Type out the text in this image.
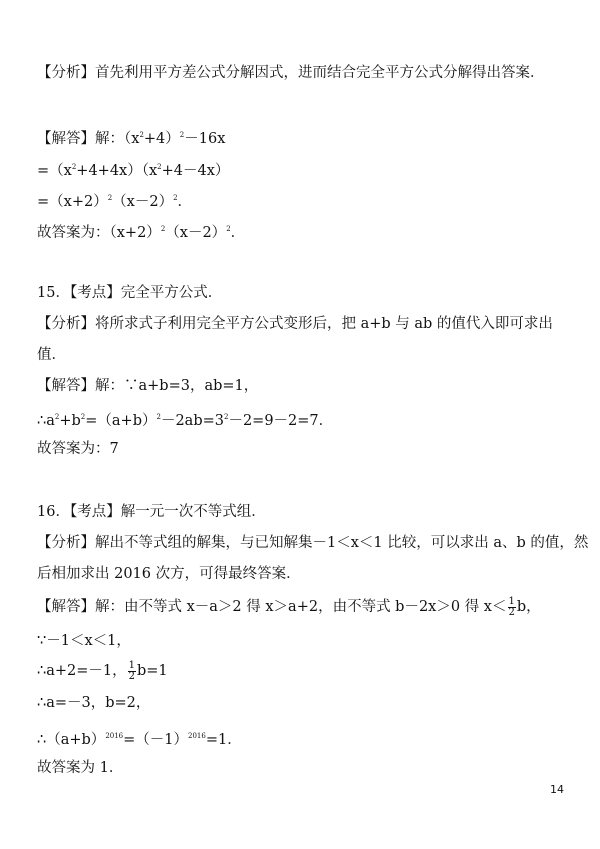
【分析】首先利用平方差公式分解因式，进而结合完全平方公式分解得出答案．
【解答】解：$(x^2+4)^2-16x$
$=(x^2+4+4x)(x^2+4-4x)$
$=(x+2)^2(x-2)^2$．
故答案为：$(x+2)^2(x-2)^2$．
15．【考点】完全平方公式．
【分析】将所求式子利用完全平方公式变形后，把 a+b 与 ab 的值代入即可求出
值．
【解答】解：∵a+b=3，ab=1，
$\therefore a^2+b^2=(a+b)^2-2ab=3^2-2=9-2=7$．
故答案为：7
16．【考点】解一元一次不等式组．
【分析】解出不等式组的解集，与已知解集－1＜x＜1 比较，可以求出 a、b 的值，然
后相加求出 2016 次方，可得最终答案．
【解答】解：由不等式 x－a＞2 得 x＞a+2，由不等式 b－2x＞0 得 $x< \frac{1}{2}$ b，
∵－1＜x＜1，
∴a+2=－1， $\frac{1}{2} b=1$
∴a=－3，b=2，
$\therefore(a+b)^{2016}=(-1)^{2016}=1$．
故答案为 1．
14
